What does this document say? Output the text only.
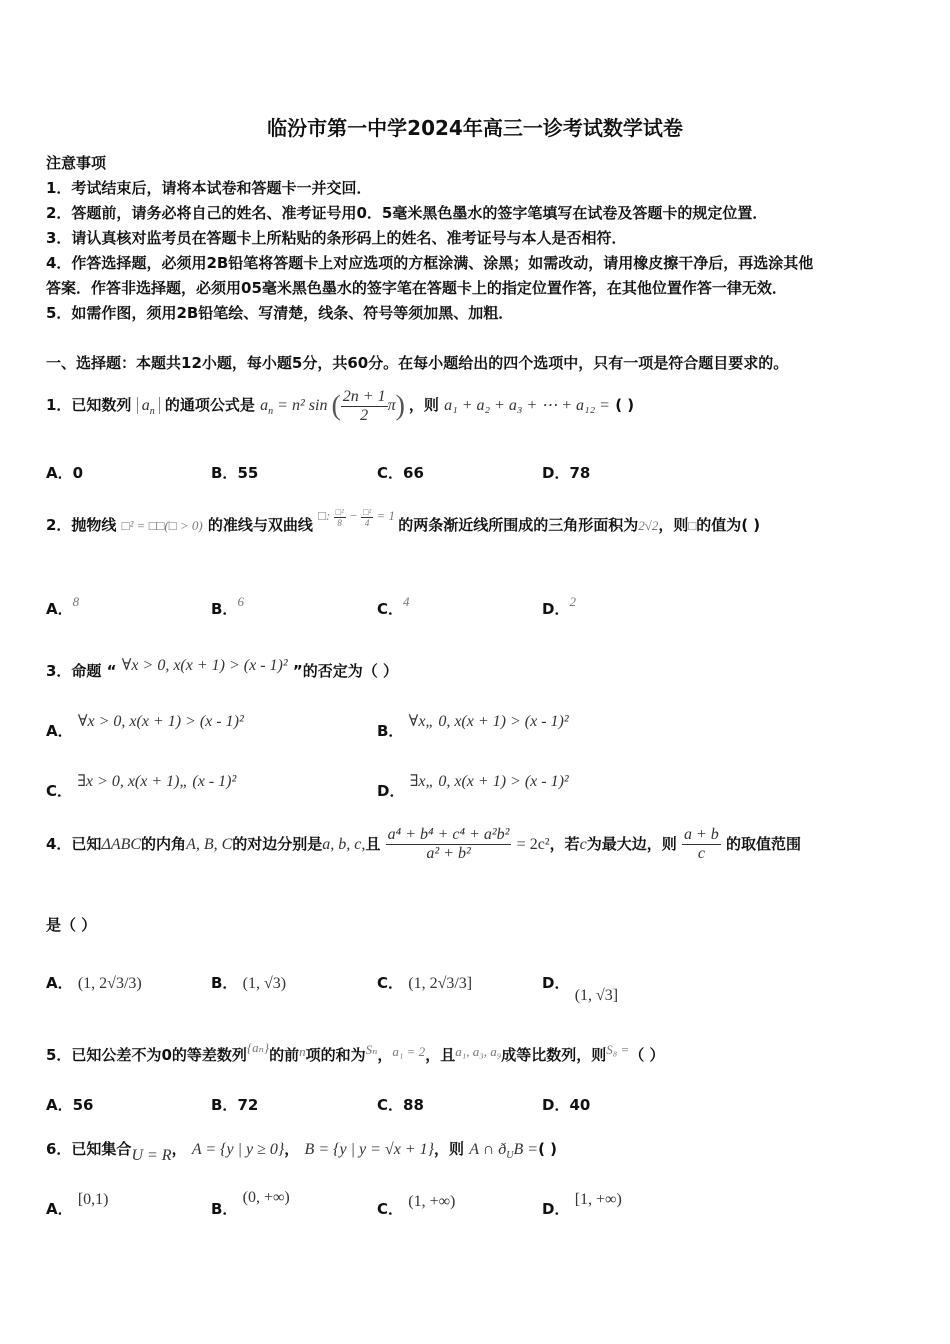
临汾市第一中学2024年高三一诊考试数学试卷
注意事项
1．考试结束后，请将本试卷和答题卡一并交回．
2．答题前，请务必将自己的姓名、准考证号用0．5毫米黑色墨水的签字笔填写在试卷及答题卡的规定位置．
3．请认真核对监考员在答题卡上所粘贴的条形码上的姓名、准考证号与本人是否相符．
4．作答选择题，必须用2B铅笔将答题卡上对应选项的方框涂满、涂黑；如需改动，请用橡皮擦干净后，再选涂其他
答案．作答非选择题，必须用05毫米黑色墨水的签字笔在答题卡上的指定位置作答，在其他位置作答一律无效．
5．如需作图，须用2B铅笔绘、写清楚，线条、符号等须加黑、加粗．
一、选择题：本题共12小题，每小题5分，共60分。在每小题给出的四个选项中，只有一项是符合题目要求的。
1．已知数列 $a_n$ 的通项公式是 $a_n = n^2$ sin ( $\frac{2n + 1}{2} \pi$) ，则 a₁ + a₂ + a₃ + ⋯ + a₁₂ = ( )
A．0	B．55	C．66	D．78
2．抛物线 □² = □□(□ > 0) 的准线与双曲线 □: $\frac{\text{□²}}{8} - \frac{\text{□²}}{4} = 1$ 的两条渐近线所围成的三角形面积为2√2，则□的值为( )
A．8	B．6	C．4	D．2
3．命题 “ ∀x > 0, x(x + 1) > (x - 1)² ”的否定为（ ）
A． ∀x > 0, x(x + 1) > (x - 1)²
B． ∀x„ 0, x(x + 1) > (x - 1)²
C． ∃x > 0, x(x + 1)„ (x - 1)²
D． ∃x„ 0, x(x + 1) > (x - 1)²
4．已知ΔABC的内角A, B, C的对边分别是a, b, c,且 $\frac{\text{a⁴ + b⁴ + c⁴ + a²b²}}{\text{a² + b²}} = 2c^2$，若c为最大边，则 $\frac{a + b}{c}$ 的取值范围
是（ ）
A． (1, 2√3/3)	B． (1, √3)	C． (1, 2√3/3]	D． (1, √3]
5．已知公差不为0的等差数列{aₙ}的前n项的和为Sₙ，a₁ = 2，且a₁, a₃, a₉成等比数列，则S₈ =（ ）
A．56	B．72	C．88	D．40
6．已知集合U = R， A = {y | y ≥ 0}， B = {y | y = √x + 1}，则 A ∩ $ð_UB$ =( )
A． [0,1)
B． (0, +∞)
C． (1, +∞)	D． [1, +∞)
